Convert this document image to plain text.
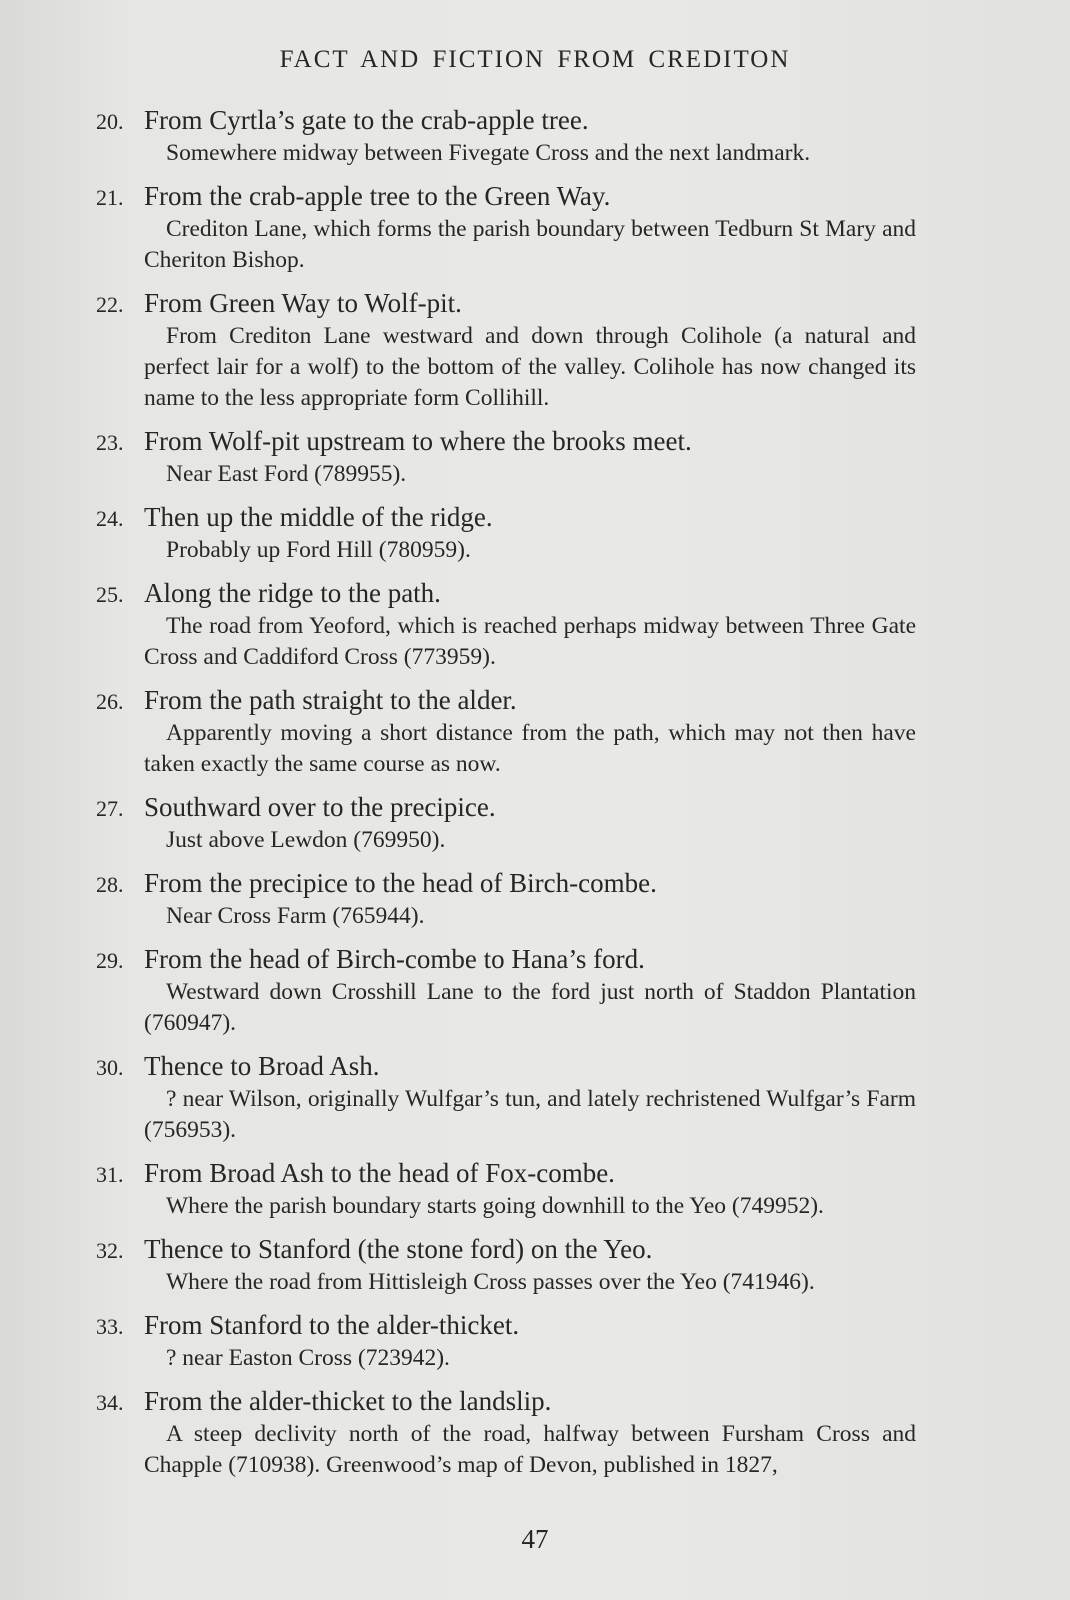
FACT AND FICTION FROM CREDITON
20. From Cyrtla’s gate to the crab-apple tree.
Somewhere midway between Fivegate Cross and the next landmark.
21. From the crab-apple tree to the Green Way.
Crediton Lane, which forms the parish boundary between Tedburn St Mary and Cheriton Bishop.
22. From Green Way to Wolf-pit.
From Crediton Lane westward and down through Colihole (a natural and perfect lair for a wolf) to the bottom of the valley. Colihole has now changed its name to the less appropriate form Collihill.
23. From Wolf-pit upstream to where the brooks meet.
Near East Ford (789955).
24. Then up the middle of the ridge.
Probably up Ford Hill (780959).
25. Along the ridge to the path.
The road from Yeoford, which is reached perhaps midway between Three Gate Cross and Caddiford Cross (773959).
26. From the path straight to the alder.
Apparently moving a short distance from the path, which may not then have taken exactly the same course as now.
27. Southward over to the precipice.
Just above Lewdon (769950).
28. From the precipice to the head of Birch-combe.
Near Cross Farm (765944).
29. From the head of Birch-combe to Hana’s ford.
Westward down Crosshill Lane to the ford just north of Staddon Plantation (760947).
30. Thence to Broad Ash.
? near Wilson, originally Wulfgar’s tun, and lately rechristened Wulfgar’s Farm (756953).
31. From Broad Ash to the head of Fox-combe.
Where the parish boundary starts going downhill to the Yeo (749952).
32. Thence to Stanford (the stone ford) on the Yeo.
Where the road from Hittisleigh Cross passes over the Yeo (741946).
33. From Stanford to the alder-thicket.
? near Easton Cross (723942).
34. From the alder-thicket to the landslip.
A steep declivity north of the road, halfway between Fursham Cross and Chapple (710938). Greenwood’s map of Devon, published in 1827,
47
